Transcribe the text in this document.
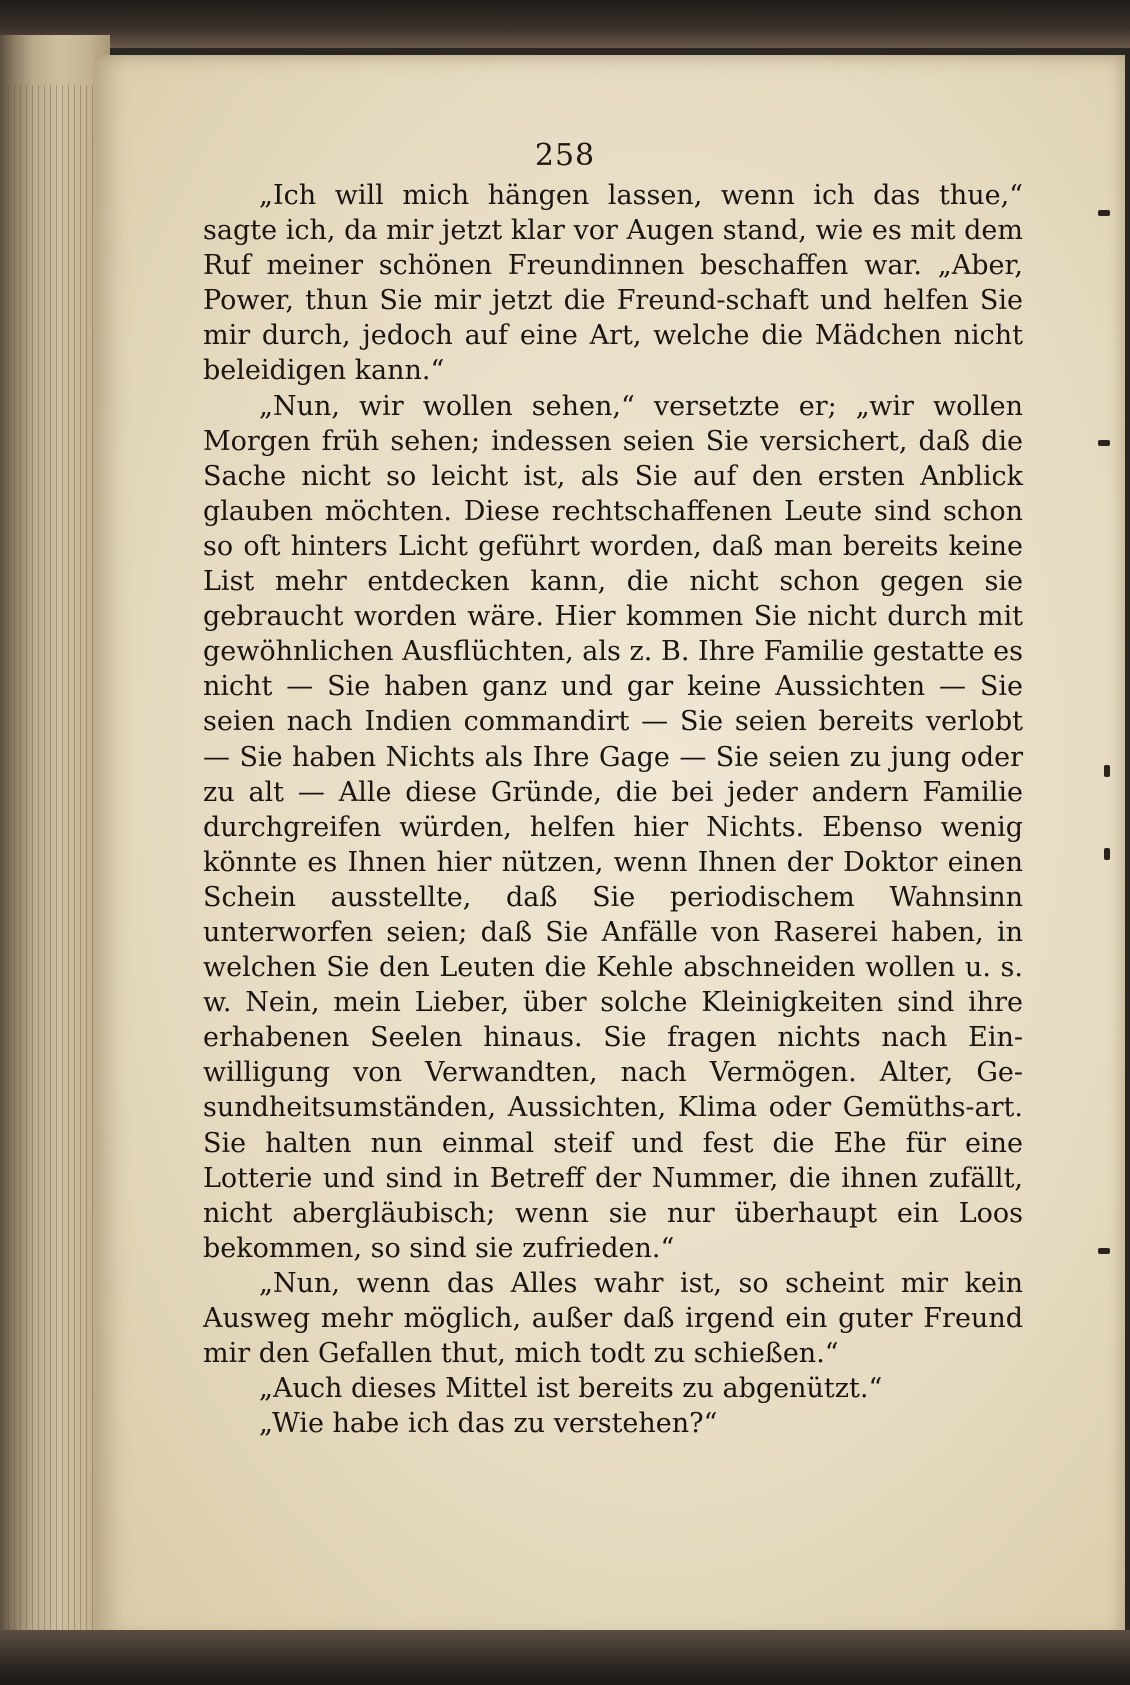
258

„Ich will mich hängen lassen, wenn ich das thue,“ sagte ich, da mir jetzt klar vor Augen stand, wie es mit dem Ruf meiner schönen Freundinnen beschaffen war. „Aber, Power, thun Sie mir jetzt die Freund-schaft und helfen Sie mir durch, jedoch auf eine Art, welche die Mädchen nicht beleidigen kann.“

„Nun, wir wollen sehen,“ versetzte er; „wir wollen Morgen früh sehen; indessen seien Sie versichert, daß die Sache nicht so leicht ist, als Sie auf den ersten Anblick glauben möchten. Diese rechtschaffenen Leute sind schon so oft hinters Licht geführt worden, daß man bereits keine List mehr entdecken kann, die nicht schon gegen sie gebraucht worden wäre. Hier kommen Sie nicht durch mit gewöhnlichen Ausflüchten, als z. B. Ihre Familie gestatte es nicht — Sie haben ganz und gar keine Aussichten — Sie seien nach Indien commandirt — Sie seien bereits verlobt — Sie haben Nichts als Ihre Gage — Sie seien zu jung oder zu alt — Alle diese Gründe, die bei jeder andern Familie durchgreifen würden, helfen hier Nichts. Ebenso wenig könnte es Ihnen hier nützen, wenn Ihnen der Doktor einen Schein ausstellte, daß Sie periodischem Wahnsinn unterworfen seien; daß Sie Anfälle von Raserei haben, in welchen Sie den Leuten die Kehle abschneiden wollen u. s. w. Nein, mein Lieber, über solche Kleinigkeiten sind ihre erhabenen Seelen hinaus. Sie fragen nichts nach Ein-willigung von Verwandten, nach Vermögen. Alter, Ge-sundheitsumständen, Aussichten, Klima oder Gemüths-art. Sie halten nun einmal steif und fest die Ehe für eine Lotterie und sind in Betreff der Nummer, die ihnen zufällt, nicht abergläubisch; wenn sie nur überhaupt ein Loos bekommen, so sind sie zufrieden.“

„Nun, wenn das Alles wahr ist, so scheint mir kein Ausweg mehr möglich, außer daß irgend ein guter Freund mir den Gefallen thut, mich todt zu schießen.“

„Auch dieses Mittel ist bereits zu abgenützt.“

„Wie habe ich das zu verstehen?“
